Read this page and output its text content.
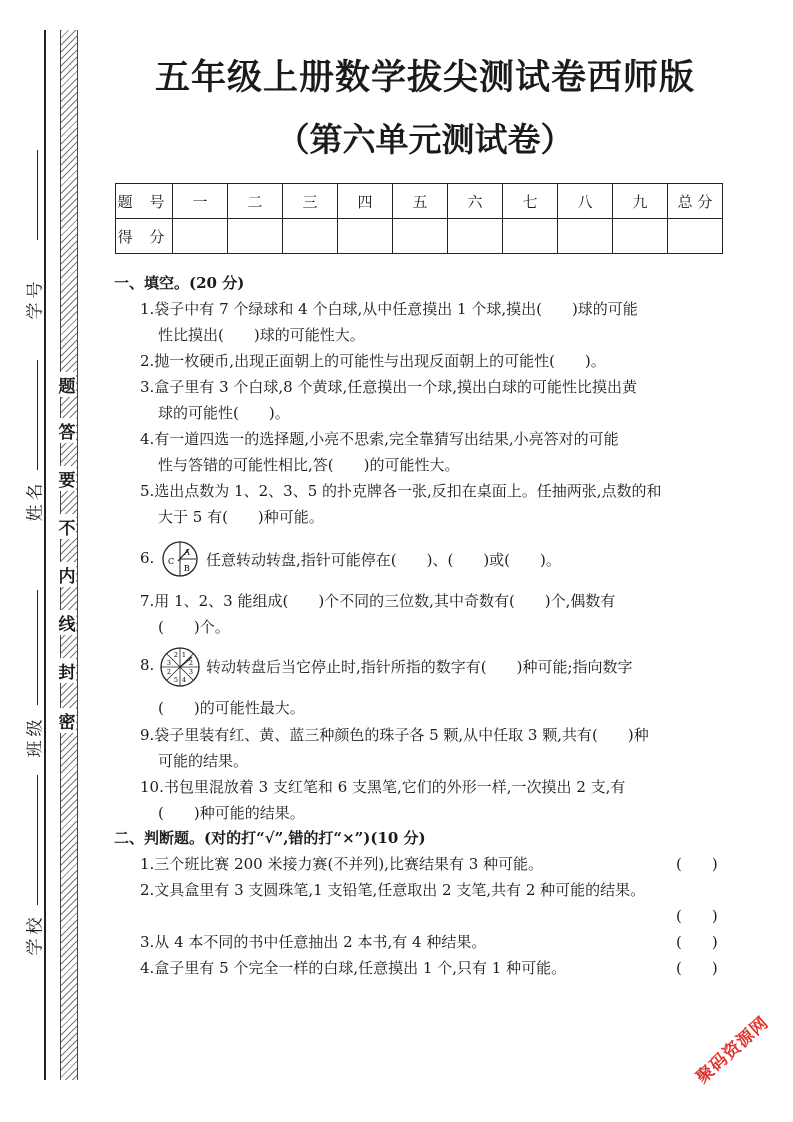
学号
姓名
班级
学校
题
答
要
不
内
线
封
密
五年级上册数学拔尖测试卷西师版
（第六单元测试卷）
题 号	一	二	三	四	五	六	七	八	九	总 分
得 分										
一、填空。(20 分)
1.袋子中有 7 个绿球和 4 个白球,从中任意摸出 1 个球,摸出(　　)球的可能
性比摸出(　　)球的可能性大。
2.抛一枚硬币,出现正面朝上的可能性与出现反面朝上的可能性(　　)。
3.盒子里有 3 个白球,8 个黄球,任意摸出一个球,摸出白球的可能性比摸出黄
球的可能性(　　)。
4.有一道四选一的选择题,小亮不思索,完全靠猜写出结果,小亮答对的可能
性与答错的可能性相比,答(　　)的可能性大。
5.选出点数为 1、2、3、5 的扑克牌各一张,反扣在桌面上。任抽两张,点数的和
大于 5 有(　　)种可能。
6.	A
B
C 任意转动转盘,指针可能停在(　　)、(　　)或(　　)。
7.用 1、2、3 能组成(　　)个不同的三位数,其中奇数有(　　)个,偶数有
(　　)个。
8.
1
2
3
4
5
2
3
2
转动转盘后当它停止时,指针所指的数字有(　　)种可能;指向数字
(　　)的可能性最大。
9.袋子里装有红、黄、蓝三种颜色的珠子各 5 颗,从中任取 3 颗,共有(　　)种
可能的结果。
10.书包里混放着 3 支红笔和 6 支黑笔,它们的外形一样,一次摸出 2 支,有
(　　)种可能的结果。
二、判断题。(对的打“√”,错的打“×”)(10 分)
1.三个班比赛 200 米接力赛(不并列),比赛结果有 3 种可能。	(　　)
2.文具盒里有 3 支圆珠笔,1 支铅笔,任意取出 2 支笔,共有 2 种可能的结果。
(　　)
3.从 4 本不同的书中任意抽出 2 本书,有 4 种结果。	(　　)
4.盒子里有 5 个完全一样的白球,任意摸出 1 个,只有 1 种可能。	(　　)
聚码资源网
